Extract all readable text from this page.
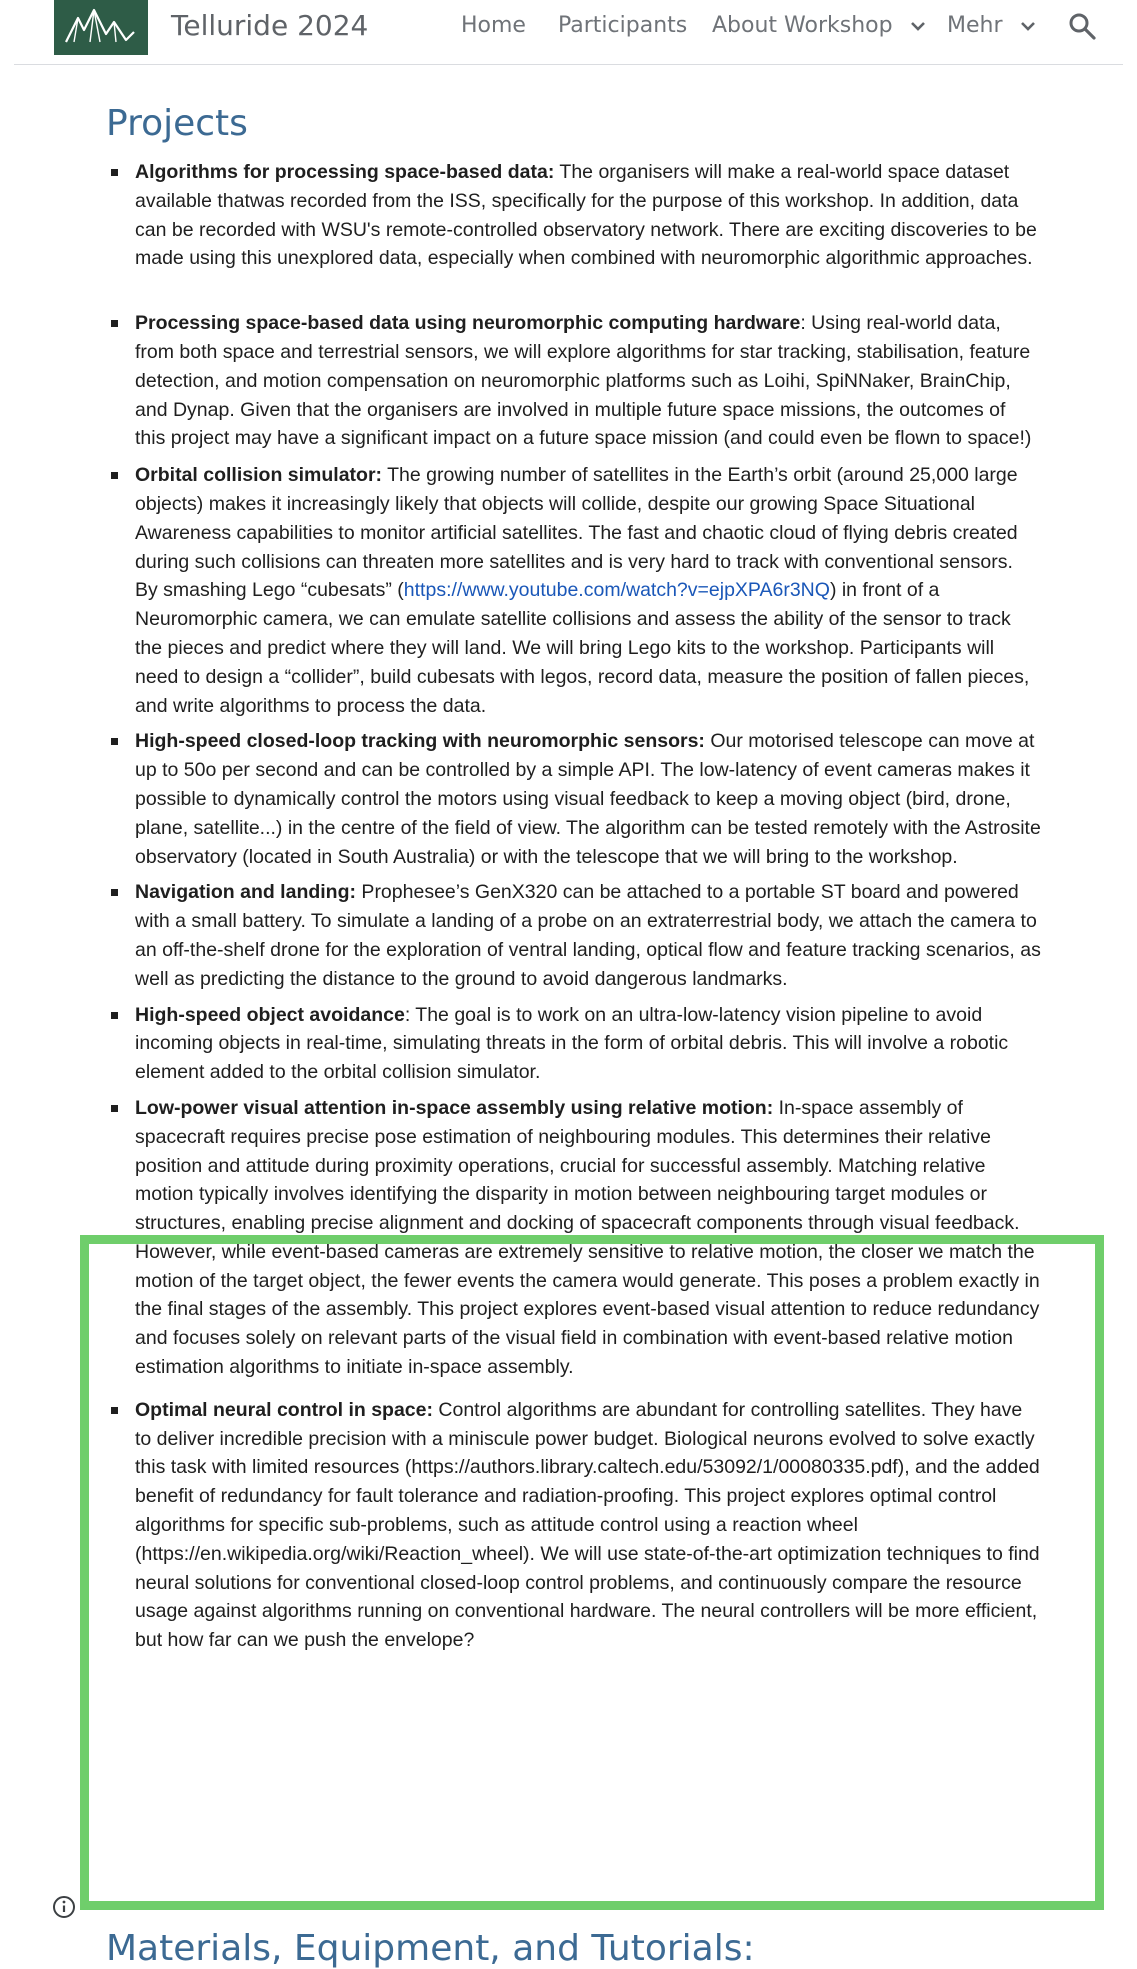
Telluride 2024	Home Participants About Workshop	Mehr
Projects
Algorithms for processing space-based data: The organisers will make a real-world space dataset available thatwas recorded from the ISS, specifically for the purpose of this workshop. In addition, data can be recorded with WSU's remote-controlled observatory network. There are exciting discoveries to be made using this unexplored data, especially when combined with neuromorphic algorithmic approaches.
Processing space-based data using neuromorphic computing hardware: Using real-world data, from both space and terrestrial sensors, we will explore algorithms for star tracking, stabilisation, feature detection, and motion compensation on neuromorphic platforms such as Loihi, SpiNNaker, BrainChip, and Dynap. Given that the organisers are involved in multiple future space missions, the outcomes of this project may have a significant impact on a future space mission (and could even be flown to space!)
Orbital collision simulator: The growing number of satellites in the Earth’s orbit (around 25,000 large objects) makes it increasingly likely that objects will collide, despite our growing Space Situational Awareness capabilities to monitor artificial satellites. The fast and chaotic cloud of flying debris created during such collisions can threaten more satellites and is very hard to track with conventional sensors. By smashing Lego “cubesats” (https://www.youtube.com/watch?v=ejpXPA6r3NQ) in front of a Neuromorphic camera, we can emulate satellite collisions and assess the ability of the sensor to track the pieces and predict where they will land. We will bring Lego kits to the workshop. Participants will need to design a “collider”, build cubesats with legos, record data, measure the position of fallen pieces, and write algorithms to process the data.
High-speed closed-loop tracking with neuromorphic sensors: Our motorised telescope can move at up to 50o per second and can be controlled by a simple API. The low-latency of event cameras makes it possible to dynamically control the motors using visual feedback to keep a moving object (bird, drone, plane, satellite...) in the centre of the field of view. The algorithm can be tested remotely with the Astrosite observatory (located in South Australia) or with the telescope that we will bring to the workshop.
Navigation and landing: Prophesee’s GenX320 can be attached to a portable ST board and powered with a small battery. To simulate a landing of a probe on an extraterrestrial body, we attach the camera to an off-the-shelf drone for the exploration of ventral landing, optical flow and feature tracking scenarios, as well as predicting the distance to the ground to avoid dangerous landmarks.
High-speed object avoidance: The goal is to work on an ultra-low-latency vision pipeline to avoid incoming objects in real-time, simulating threats in the form of orbital debris. This will involve a robotic element added to the orbital collision simulator.
Low-power visual attention in-space assembly using relative motion: In-space assembly of spacecraft requires precise pose estimation of neighbouring modules. This determines their relative position and attitude during proximity operations, crucial for successful assembly. Matching relative motion typically involves identifying the disparity in motion between neighbouring target modules or structures, enabling precise alignment and docking of spacecraft components through visual feedback. However, while event-based cameras are extremely sensitive to relative motion, the closer we match the motion of the target object, the fewer events the camera would generate. This poses a problem exactly in the final stages of the assembly. This project explores event-based visual attention to reduce redundancy and focuses solely on relevant parts of the visual field in combination with event-based relative motion estimation algorithms to initiate in-space assembly.
Optimal neural control in space: Control algorithms are abundant for controlling satellites. They have to deliver incredible precision with a miniscule power budget. Biological neurons evolved to solve exactly this task with limited resources (https://authors.library.caltech.edu/53092/1/00080335.pdf), and the added benefit of redundancy for fault tolerance and radiation-proofing. This project explores optimal control algorithms for specific sub-problems, such as attitude control using a reaction wheel (https://en.wikipedia.org/wiki/Reaction_wheel). We will use state-of-the-art optimization techniques to find neural solutions for conventional closed-loop control problems, and continuously compare the resource usage against algorithms running on conventional hardware. The neural controllers will be more efficient, but how far can we push the envelope?
Materials, Equipment, and Tutorials:
